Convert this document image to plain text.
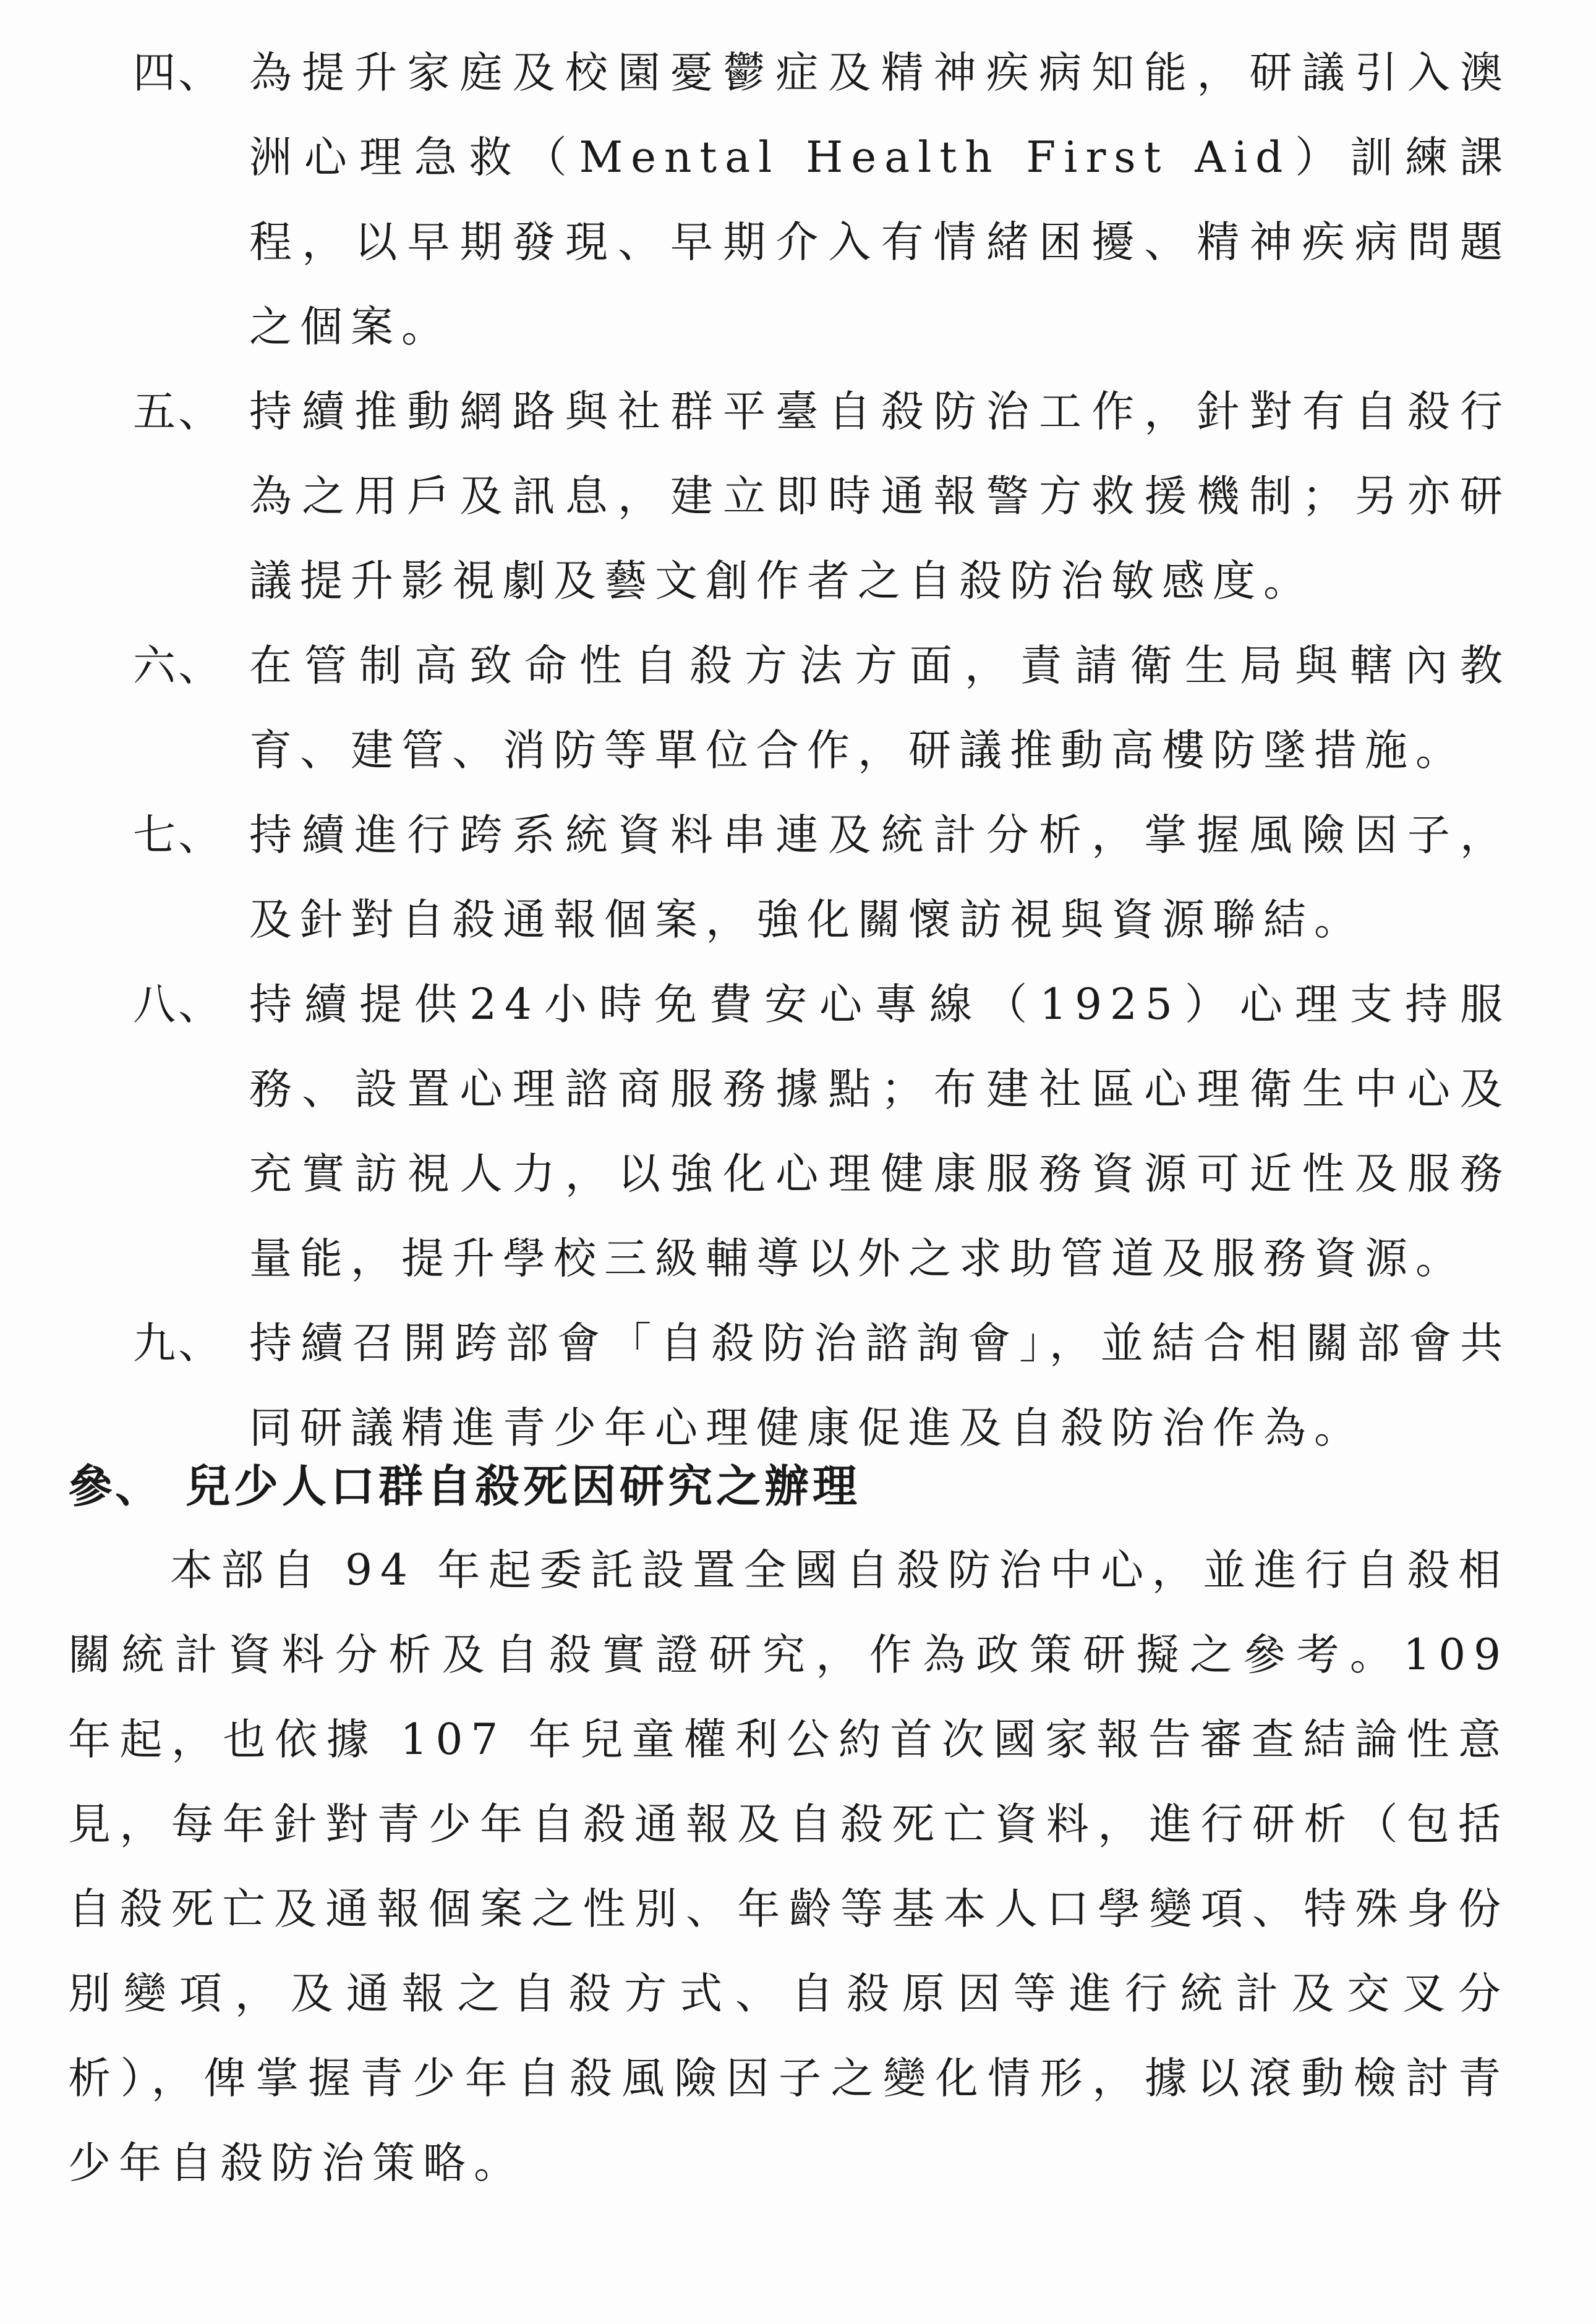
四、 為提升家庭及校園憂鬱症及精神疾病知能，研議引入澳洲心理急救（Mental Health First Aid）訓練課程，以早期發現、早期介入有情緒困擾、精神疾病問題之個案。
五、 持續推動網路與社群平臺自殺防治工作，針對有自殺行為之用戶及訊息，建立即時通報警方救援機制；另亦研議提升影視劇及藝文創作者之自殺防治敏感度。
六、 在管制高致命性自殺方法方面，責請衛生局與轄內教育、建管、消防等單位合作，研議推動高樓防墜措施。
七、 持續進行跨系統資料串連及統計分析，掌握風險因子，及針對自殺通報個案，強化關懷訪視與資源聯結。
八、 持續提供24小時免費安心專線（1925）心理支持服務、設置心理諮商服務據點；布建社區心理衛生中心及充實訪視人力，以強化心理健康服務資源可近性及服務量能，提升學校三級輔導以外之求助管道及服務資源。
九、 持續召開跨部會「自殺防治諮詢會」，並結合相關部會共同研議精進青少年心理健康促進及自殺防治作為。
參、 兒少人口群自殺死因研究之辦理
本部自 94 年起委託設置全國自殺防治中心，並進行自殺相關統計資料分析及自殺實證研究，作為政策研擬之參考。109 年起，也依據 107 年兒童權利公約首次國家報告審查結論性意見，每年針對青少年自殺通報及自殺死亡資料，進行研析（包括自殺死亡及通報個案之性別、年齡等基本人口學變項、特殊身份別變項，及通報之自殺方式、自殺原因等進行統計及交叉分析），俾掌握青少年自殺風險因子之變化情形，據以滾動檢討青少年自殺防治策略。
